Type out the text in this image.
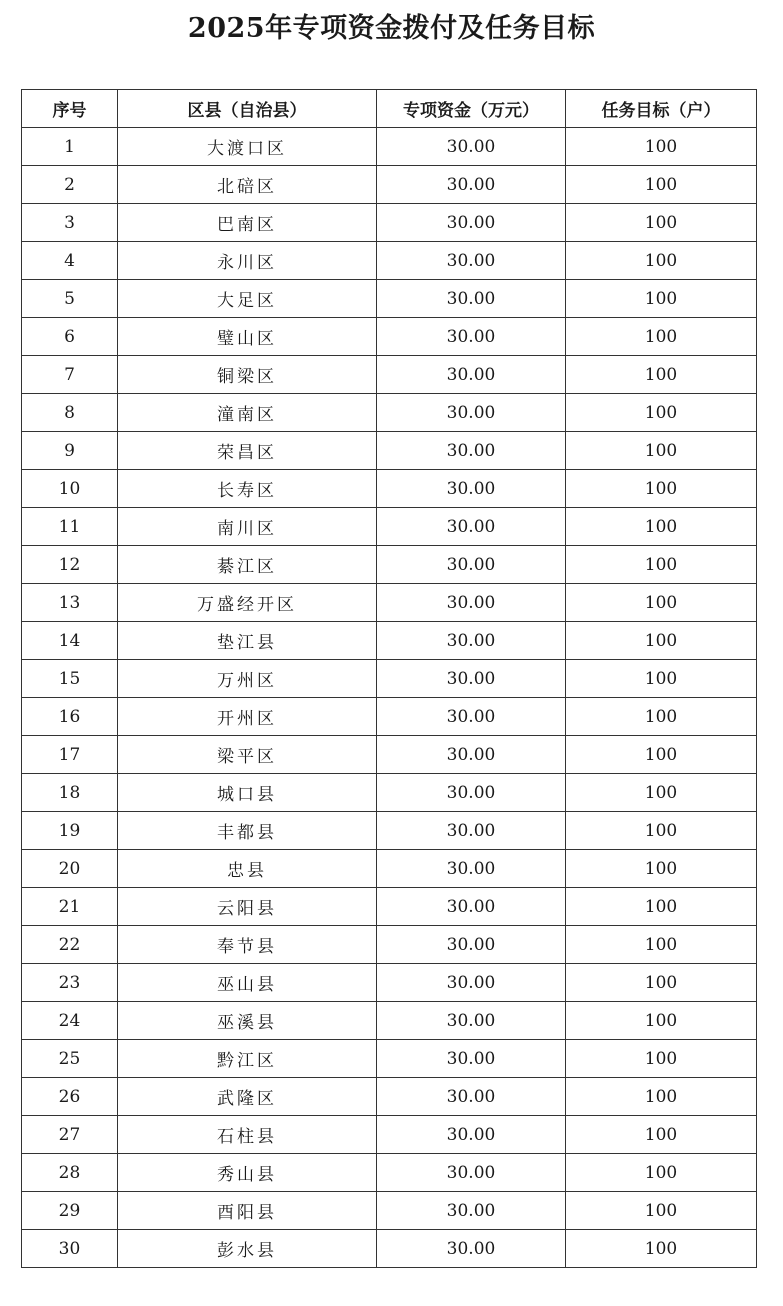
2025年专项资金拨付及任务目标
序号	区县（自治县）	专项资金（万元）	任务目标（户）
1	大渡口区	30.00	100
2	北碚区	30.00	100
3	巴南区	30.00	100
4	永川区	30.00	100
5	大足区	30.00	100
6	璧山区	30.00	100
7	铜梁区	30.00	100
8	潼南区	30.00	100
9	荣昌区	30.00	100
10	长寿区	30.00	100
11	南川区	30.00	100
12	綦江区	30.00	100
13	万盛经开区	30.00	100
14	垫江县	30.00	100
15	万州区	30.00	100
16	开州区	30.00	100
17	梁平区	30.00	100
18	城口县	30.00	100
19	丰都县	30.00	100
20	忠县	30.00	100
21	云阳县	30.00	100
22	奉节县	30.00	100
23	巫山县	30.00	100
24	巫溪县	30.00	100
25	黔江区	30.00	100
26	武隆区	30.00	100
27	石柱县	30.00	100
28	秀山县	30.00	100
29	酉阳县	30.00	100
30	彭水县	30.00	100
